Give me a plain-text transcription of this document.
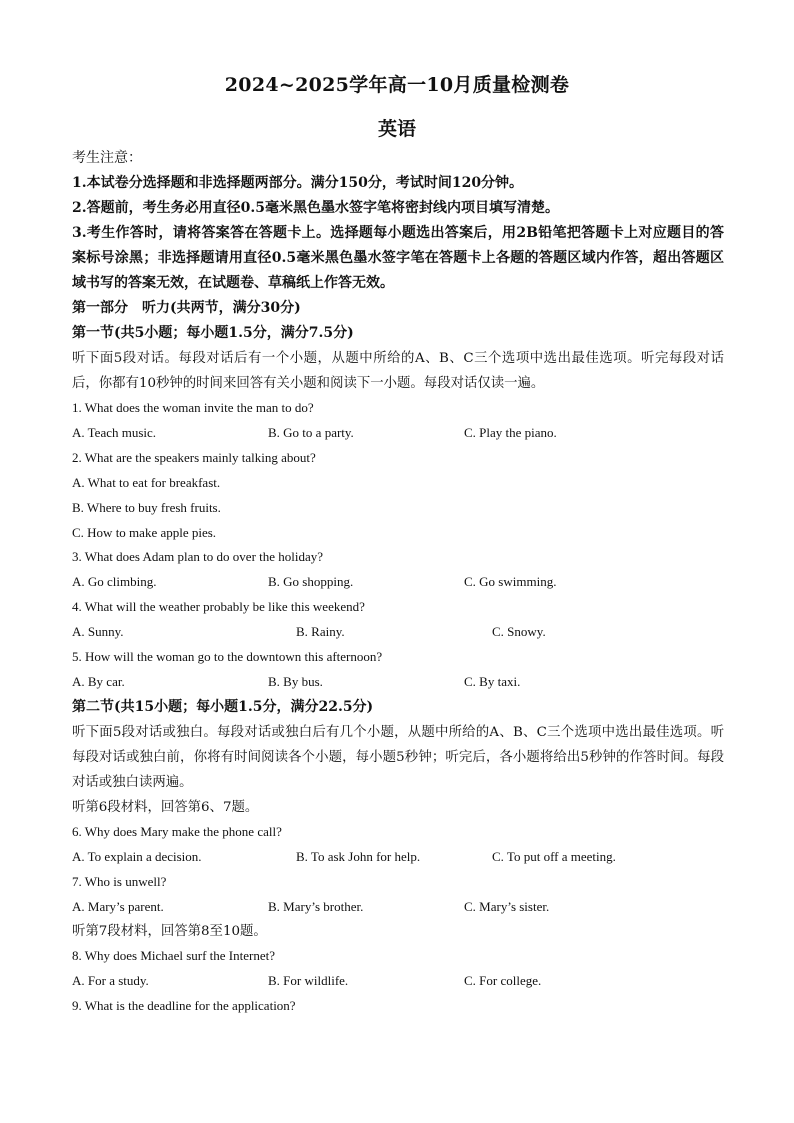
2024~2025学年高一10月质量检测卷
英语
考生注意：
1.本试卷分选择题和非选择题两部分。满分150分，考试时间120分钟。
2.答题前，考生务必用直径0.5毫米黑色墨水签字笔将密封线内项目填写清楚。
3.考生作答时，请将答案答在答题卡上。选择题每小题选出答案后，用2B铅笔把答题卡上对应题目的答案标号涂黑；非选择题请用直径0.5毫米黑色墨水签字笔在答题卡上各题的答题区域内作答，超出答题区域书写的答案无效，在试题卷、草稿纸上作答无效。
第一部分　听力(共两节，满分30分)
第一节(共5小题；每小题1.5分，满分7.5分)
听下面5段对话。每段对话后有一个小题，从题中所给的A、B、C三个选项中选出最佳选项。听完每段对话后，你都有10秒钟的时间来回答有关小题和阅读下一小题。每段对话仅读一遍。
1. What does the woman invite the man to do?
A. Teach music.	B. Go to a party.	C. Play the piano.
2. What are the speakers mainly talking about?
A. What to eat for breakfast.
B. Where to buy fresh fruits.
C. How to make apple pies.
3. What does Adam plan to do over the holiday?
A. Go climbing.	B. Go shopping.	C. Go swimming.
4. What will the weather probably be like this weekend?
A. Sunny.	B. Rainy.	C. Snowy.
5. How will the woman go to the downtown this afternoon?
A. By car.	B. By bus.	C. By taxi.
第二节(共15小题；每小题1.5分，满分22.5分)
听下面5段对话或独白。每段对话或独白后有几个小题，从题中所给的A、B、C三个选项中选出最佳选项。听每段对话或独白前，你将有时间阅读各个小题，每小题5秒钟；听完后，各小题将给出5秒钟的作答时间。每段对话或独白读两遍。
听第6段材料，回答第6、7题。
6. Why does Mary make the phone call?
A. To explain a decision.	B. To ask John for help.	C. To put off a meeting.
7. Who is unwell?
A. Mary’s parent.	B. Mary’s brother.	C. Mary’s sister.
听第7段材料，回答第8至10题。
8. Why does Michael surf the Internet?
A. For a study.	B. For wildlife.	C. For college.
9. What is the deadline for the application?
